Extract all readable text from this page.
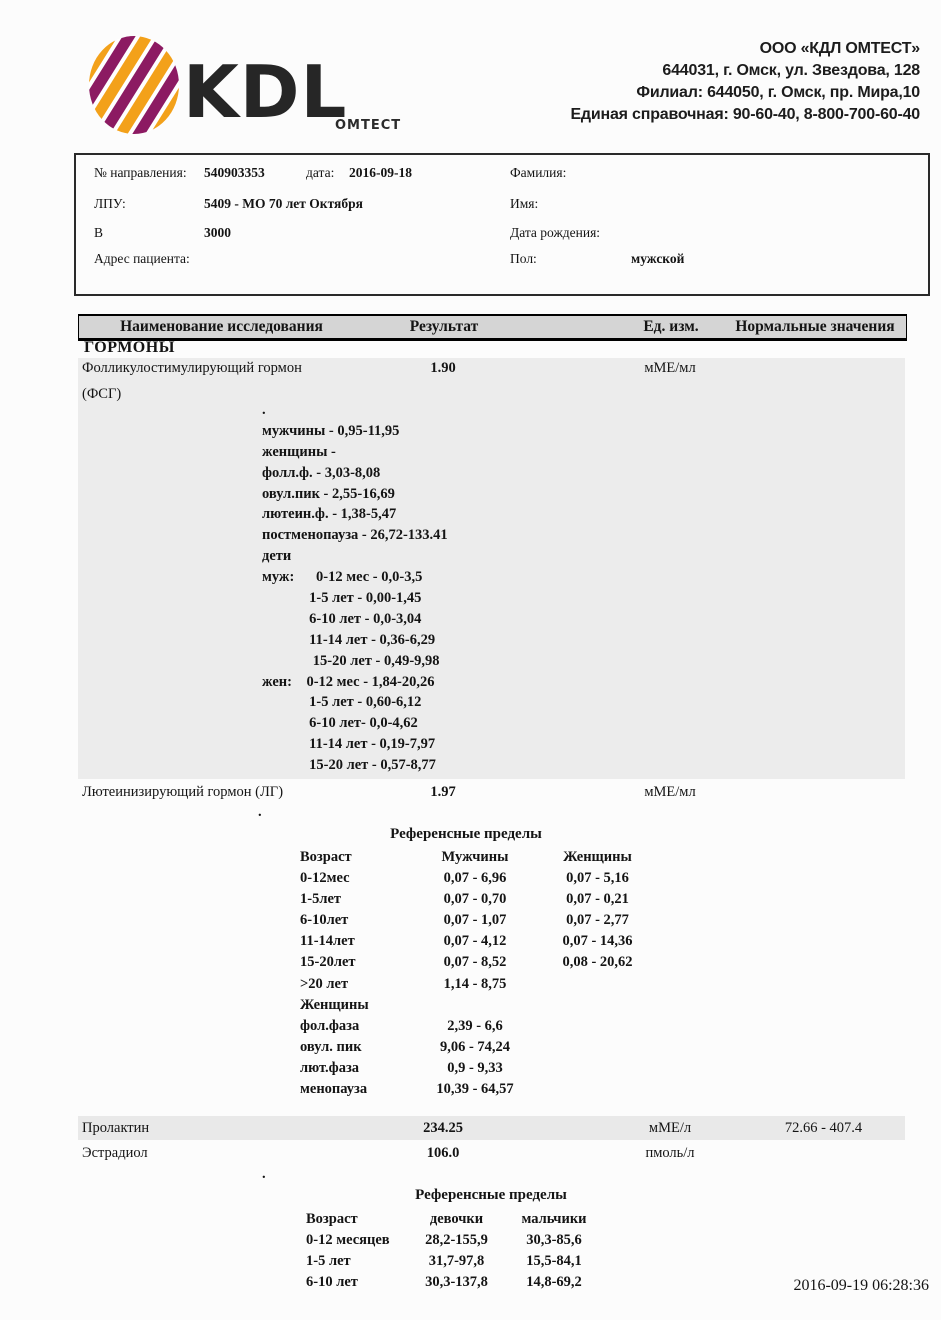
KDL
ОМТЕСТ
ООО «КДЛ ОМТЕСТ»
644031, г. Омск, ул. Звездова, 128
Филиал: 644050, г. Омск, пр. Мира,10
Единая справочная: 90-60-40, 8-800-700-60-40
№ направления: 540903353	дата: 2016-09-18	Фамилия:
ЛПУ:	5409 - МО 70 лет Октября	Имя:
В	3000	Дата рождения:
Адрес пациента:	Пол:	мужской
Наименование исследования	Результат	Ед. изм.	Нормальные значения
ГОРМОНЫ
Фолликулостимулирующий гормон
(ФСГ)
1.90	мМЕ/мл
.
мужчины - 0,95-11,95
женщины -
фолл.ф. - 3,03-8,08
овул.пик - 2,55-16,69
лютеин.ф. - 1,38-5,47
постменопауза - 26,72-133.41
дети
муж:      0-12 мес - 0,0-3,5
1-5 лет - 0,00-1,45
6-10 лет - 0,0-3,04
11-14 лет - 0,36-6,29
15-20 лет - 0,49-9,98
жен:    0-12 мес - 1,84-20,26
1-5 лет - 0,60-6,12
6-10 лет- 0,0-4,62
11-14 лет - 0,19-7,97
15-20 лет - 0,57-8,77
Лютеинизирующий гормон (ЛГ)	1.97	мМЕ/мл
.
Референсные пределы
Возраст	Мужчины	Женщины
0-12мес	0,07 - 6,96	0,07 - 5,16
1-5лет	0,07 - 0,70	0,07 - 0,21
6-10лет	0,07 - 1,07	0,07 - 2,77
11-14лет	0,07 - 4,12	0,07 - 14,36
15-20лет	0,07 - 8,52	0,08 - 20,62
>20 лет	1,14 - 8,75
Женщины
фол.фаза	2,39 - 6,6
овул. пик	9,06 - 74,24
лют.фаза	0,9 - 9,33
менопауза	10,39 - 64,57
Пролактин	234.25	мМЕ/л	72.66 - 407.4
Эстрадиол	106.0	пмоль/л
.
Референсные пределы
Возраст	девочки	мальчики
0-12 месяцев	28,2-155,9	30,3-85,6
1-5 лет	31,7-97,8	15,5-84,1
6-10 лет	30,3-137,8	14,8-69,2	2016-09-19 06:28:36
